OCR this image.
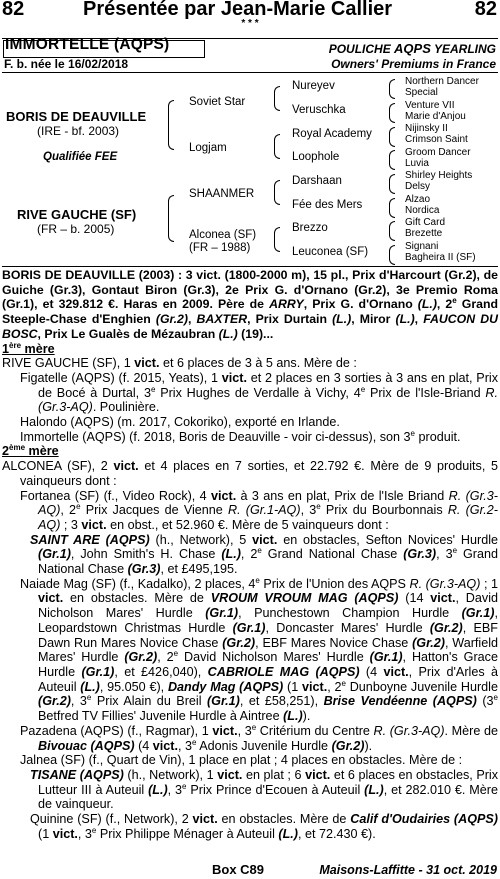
82	Présentée par Jean-Marie Callier	82
* * *
IMMORTELLE (AQPS)	POULICHE AQPS YEARLING
F. b. née le 16/02/2018	Owners' Premiums in France
BORIS DE DEAUVILLE
(IRE - bf. 2003)
Qualifiée FEE
RIVE GAUCHE (SF)
(FR – b. 2005)
Soviet Star
Logjam
SHAANMER
Alconea (SF)
(FR – 1988)
Nureyev
Veruschka
Royal Academy
Loophole
Darshaan
Fée des Mers
Brezzo
Leuconea (SF)
Northern Dancer
Special
Venture VII
Marie d'Anjou
Nijinsky II
Crimson Saint
Groom Dancer
Luvia
Shirley Heights
Delsy
Alzao
Nordica
Gift Card
Brezette
Signani
Bagheira II (SF)

BORIS DE DEAUVILLE (2003) : 3 vict. (1800-2000 m), 15 pl., Prix d'Harcourt (Gr.2), de Guiche (Gr.3), Gontaut Biron (Gr.3), 2e Prix G. d'Ornano (Gr.2), 3e Premio Roma (Gr.1), et 329.812 €. Haras en 2009. Père de ARRY, Prix G. d'Ornano (L.), 2e Grand Steeple-Chase d'Enghien (Gr.2), BAXTER, Prix Durtain (L.), Miror (L.), FAUCON DU BOSC, Prix Le Gualès de Mézaubran (L.) (19)...

1ère mère

RIVE GAUCHE (SF), 1 vict. et 6 places de 3 à 5 ans. Mère de :

Figatelle (AQPS) (f. 2015, Yeats), 1 vict. et 2 places en 3 sorties à 3 ans en plat, Prix de Bocé à Durtal, 3e Prix Hughes de Verdalle à Vichy, 4e Prix de l'Isle-Briand R. (Gr.3-AQ). Poulinière.

Halondo (AQPS) (m. 2017, Cokoriko), exporté en Irlande.

Immortelle (AQPS) (f. 2018, Boris de Deauville - voir ci-dessus), son 3e produit.

2ème mère

ALCONEA (SF), 2 vict. et 4 places en 7 sorties, et 22.792 €. Mère de 9 produits, 5 vainqueurs dont :

Fortanea (SF) (f., Video Rock), 4 vict. à 3 ans en plat, Prix de l'Isle Briand R. (Gr.3-AQ), 2e Prix Jacques de Vienne R. (Gr.1-AQ), 3e Prix du Bourbonnais R. (Gr.2-AQ) ; 3 vict. en obst., et 52.960 €. Mère de 5 vainqueurs dont :

SAINT ARE (AQPS) (h., Network), 5 vict. en obstacles, Sefton Novices' Hurdle (Gr.1), John Smith's H. Chase (L.), 2e Grand National Chase (Gr.3), 3e Grand National Chase (Gr.3), et £495,195.

Naiade Mag (SF) (f., Kadalko), 2 places, 4e Prix de l'Union des AQPS R. (Gr.3-AQ) ; 1 vict. en obstacles. Mère de VROUM VROUM MAG (AQPS) (14 vict., David Nicholson Mares' Hurdle (Gr.1), Punchestown Champion Hurdle (Gr.1), Leopardstown Christmas Hurdle (Gr.1), Doncaster Mares' Hurdle (Gr.2), EBF Dawn Run Mares Novice Chase (Gr.2), EBF Mares Novice Chase (Gr.2), Warfield Mares' Hurdle (Gr.2), 2e David Nicholson Mares' Hurdle (Gr.1), Hatton's Grace Hurdle (Gr.1), et £426,040), CABRIOLE MAG (AQPS) (4 vict., Prix d'Arles à Auteuil (L.), 95.050 €), Dandy Mag (AQPS) (1 vict., 2e Dunboyne Juvenile Hurdle (Gr.2), 3e Prix Alain du Breil (Gr.1), et £58,251), Brise Vendéenne (AQPS) (3e Betfred TV Fillies' Juvenile Hurdle à Aintree (L.)).

Pazadena (AQPS) (f., Ragmar), 1 vict., 3e Critérium du Centre R. (Gr.3-AQ). Mère de Bivouac (AQPS) (4 vict., 3e Adonis Juvenile Hurdle (Gr.2)).

Jalnea (SF) (f., Quart de Vin), 1 place en plat ; 4 places en obstacles. Mère de :

TISANE (AQPS) (h., Network), 1 vict. en plat ; 6 vict. et 6 places en obstacles, Prix Lutteur III à Auteuil (L.), 3e Prix Prince d'Ecouen à Auteuil (L.), et 282.010 €. Mère de vainqueur.

Quinine (SF) (f., Network), 2 vict. en obstacles. Mère de Calif d'Oudairies (AQPS) (1 vict., 3e Prix Philippe Ménager à Auteuil (L.), et 72.430 €).

Box C89	Maisons-Laffitte - 31 oct. 2019
